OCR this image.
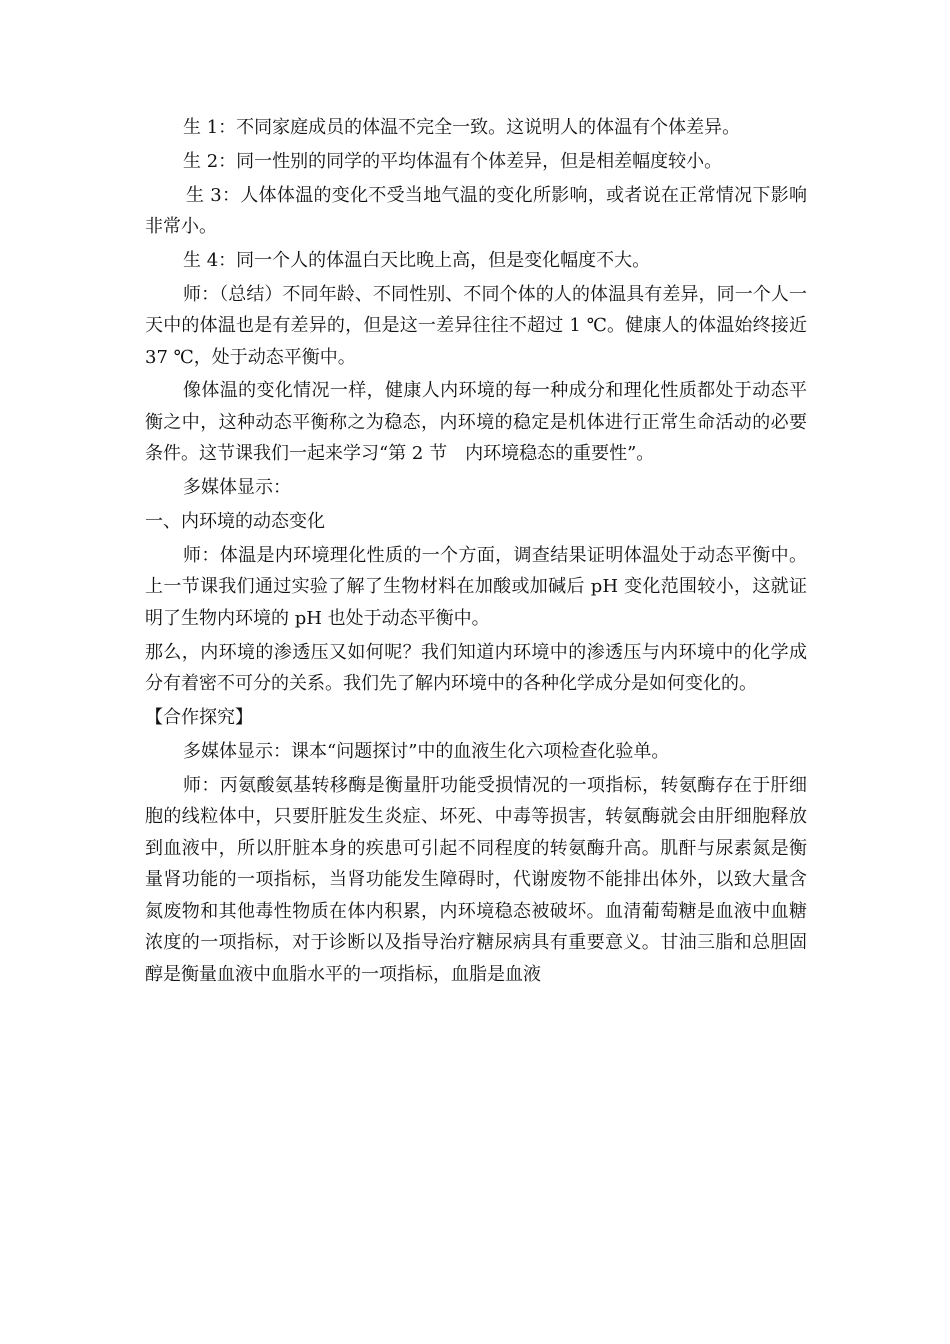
生 1：不同家庭成员的体温不完全一致。这说明人的体温有个体差异。

生 2：同一性别的同学的平均体温有个体差异，但是相差幅度较小。

生 3：人体体温的变化不受当地气温的变化所影响，或者说在正常情况下影响非常小。

生 4：同一个人的体温白天比晚上高，但是变化幅度不大。

师：（总结）不同年龄、不同性别、不同个体的人的体温具有差异，同一个人一天中的体温也是有差异的，但是这一差异往往不超过 1 ℃。健康人的体温始终接近 37 ℃，处于动态平衡中。

像体温的变化情况一样，健康人内环境的每一种成分和理化性质都处于动态平衡之中，这种动态平衡称之为稳态，内环境的稳定是机体进行正常生命活动的必要条件。这节课我们一起来学习“第 2 节　内环境稳态的重要性”。

多媒体显示：

一、内环境的动态变化

师：体温是内环境理化性质的一个方面，调查结果证明体温处于动态平衡中。上一节课我们通过实验了解了生物材料在加酸或加碱后 pH 变化范围较小，这就证明了生物内环境的 pH 也处于动态平衡中。

那么，内环境的渗透压又如何呢？我们知道内环境中的渗透压与内环境中的化学成分有着密不可分的关系。我们先了解内环境中的各种化学成分是如何变化的。

【合作探究】

多媒体显示：课本“问题探讨”中的血液生化六项检查化验单。

师：丙氨酸氨基转移酶是衡量肝功能受损情况的一项指标，转氨酶存在于肝细胞的线粒体中，只要肝脏发生炎症、坏死、中毒等损害，转氨酶就会由肝细胞释放到血液中，所以肝脏本身的疾患可引起不同程度的转氨酶升高。肌酐与尿素氮是衡量肾功能的一项指标，当肾功能发生障碍时，代谢废物不能排出体外，以致大量含氮废物和其他毒性物质在体内积累，内环境稳态被破坏。血清葡萄糖是血液中血糖浓度的一项指标，对于诊断以及指导治疗糖尿病具有重要意义。甘油三脂和总胆固醇是衡量血液中血脂水平的一项指标，血脂是血液
